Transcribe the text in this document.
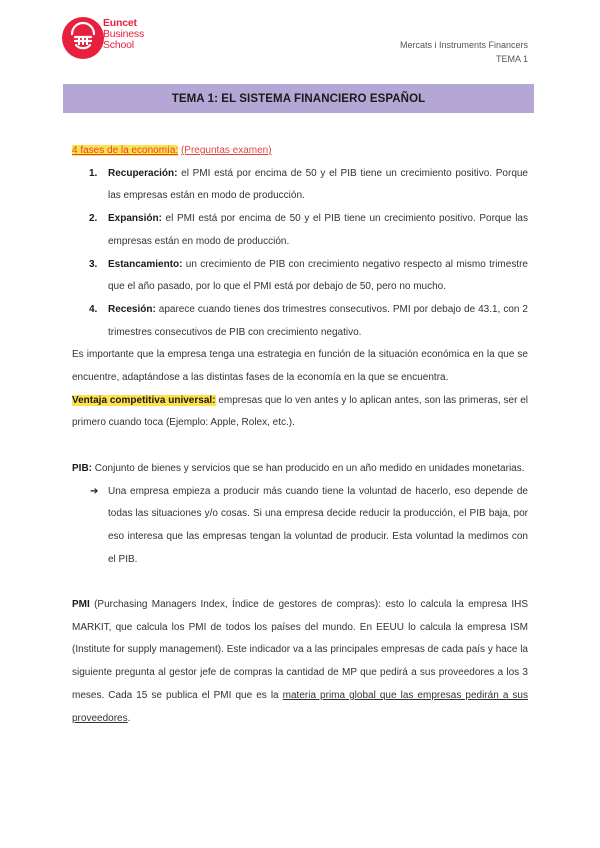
Euncet
Business
School	Mercats i Instruments Financers
TEMA 1
TEMA 1: EL SISTEMA FINANCIERO ESPAÑOL

4 fases de la economía: (Preguntas examen)

1. Recuperación: el PMI está por encima de 50 y el PIB tiene un crecimiento positivo. Porque las empresas están en modo de producción.
2. Expansión: el PMI está por encima de 50 y el PIB tiene un crecimiento positivo. Porque las empresas están en modo de producción.
3. Estancamiento: un crecimiento de PIB con crecimiento negativo respecto al mismo trimestre que el año pasado, por lo que el PMI está por debajo de 50, pero no mucho.
4. Recesión: aparece cuando tienes dos trimestres consecutivos. PMI por debajo de 43.1, con 2 trimestres consecutivos de PIB con crecimiento negativo.

Es importante que la empresa tenga una estrategia en función de la situación económica en la que se encuentre, adaptándose a las distintas fases de la economía en la que se encuentra.

Ventaja competitiva universal: empresas que lo ven antes y lo aplican antes, son las primeras, ser el primero cuando toca (Ejemplo: Apple, Rolex, etc.).

PIB: Conjunto de bienes y servicios que se han producido en un año medido en unidades monetarias.

➔ Una empresa empieza a producir más cuando tiene la voluntad de hacerlo, eso depende de todas las situaciones y/o cosas. Si una empresa decide reducir la producción, el PIB baja, por eso interesa que las empresas tengan la voluntad de producir. Esta voluntad la medimos con el PIB.

PMI (Purchasing Managers Index, Índice de gestores de compras): esto lo calcula la empresa IHS MARKIT, que calcula los PMI de todos los países del mundo. En EEUU lo calcula la empresa ISM (Institute for supply management). Este indicador va a las principales empresas de cada país y hace la siguiente pregunta al gestor jefe de compras la cantidad de MP que pedirá a sus proveedores a los 3 meses. Cada 15 se publica el PMI que es la materia prima global que las empresas pedirán a sus proveedores.
